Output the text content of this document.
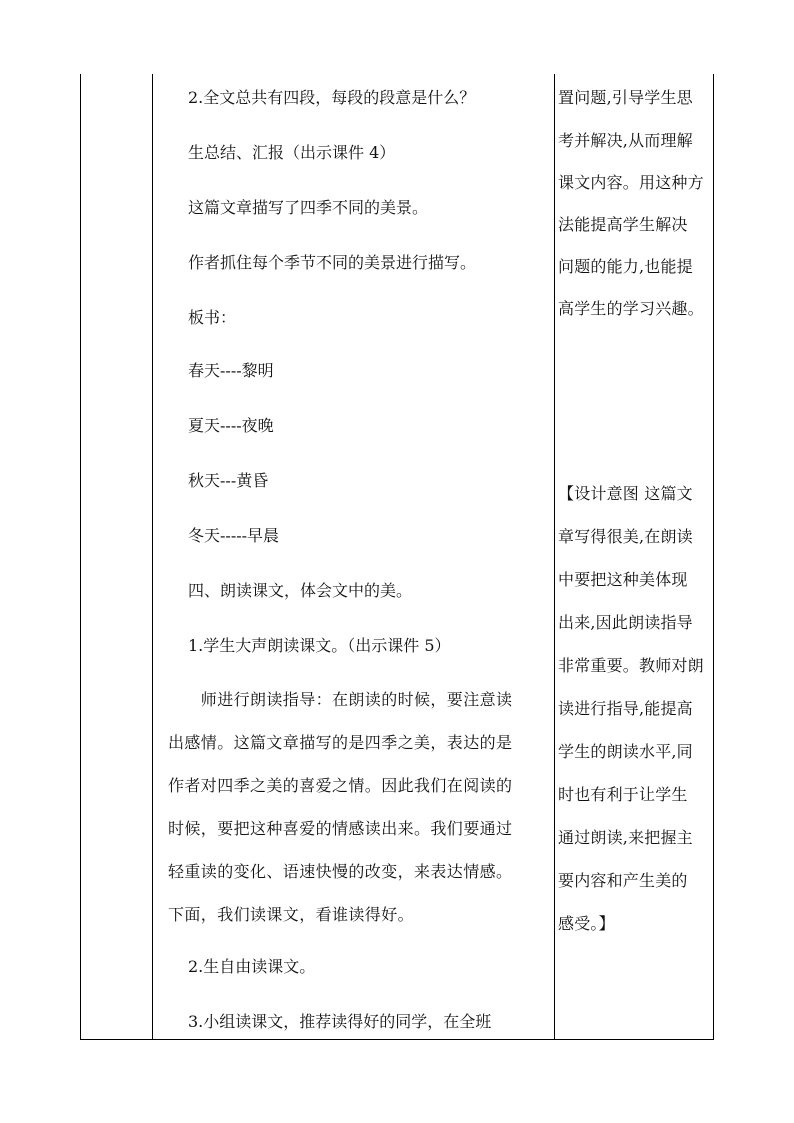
2.全文总共有四段，每段的段意是什么？
生总结、汇报（出示课件 4）
这篇文章描写了四季不同的美景。
作者抓住每个季节不同的美景进行描写。
板书：
春天----黎明
夏天----夜晚
秋天---黄昏
冬天-----早晨
四、朗读课文，体会文中的美。
1.学生大声朗读课文。（出示课件 5）
　　师进行朗读指导：在朗读的时候，要注意读
出感情。这篇文章描写的是四季之美，表达的是
作者对四季之美的喜爱之情。因此我们在阅读的
时候，要把这种喜爱的情感读出来。我们要通过
轻重读的变化、语速快慢的改变，来表达情感。
下面，我们读课文，看谁读得好。
2.生自由读课文。
3.小组读课文，推荐读得好的同学，在全班
置问题,引导学生思
考并解决,从而理解
课文内容。用这种方
法能提高学生解决
问题的能力,也能提
高学生的学习兴趣。
【设计意图 这篇文
章写得很美,在朗读
中要把这种美体现
出来,因此朗读指导
非常重要。教师对朗
读进行指导,能提高
学生的朗读水平,同
时也有利于让学生
通过朗读,来把握主
要内容和产生美的
感受。】
